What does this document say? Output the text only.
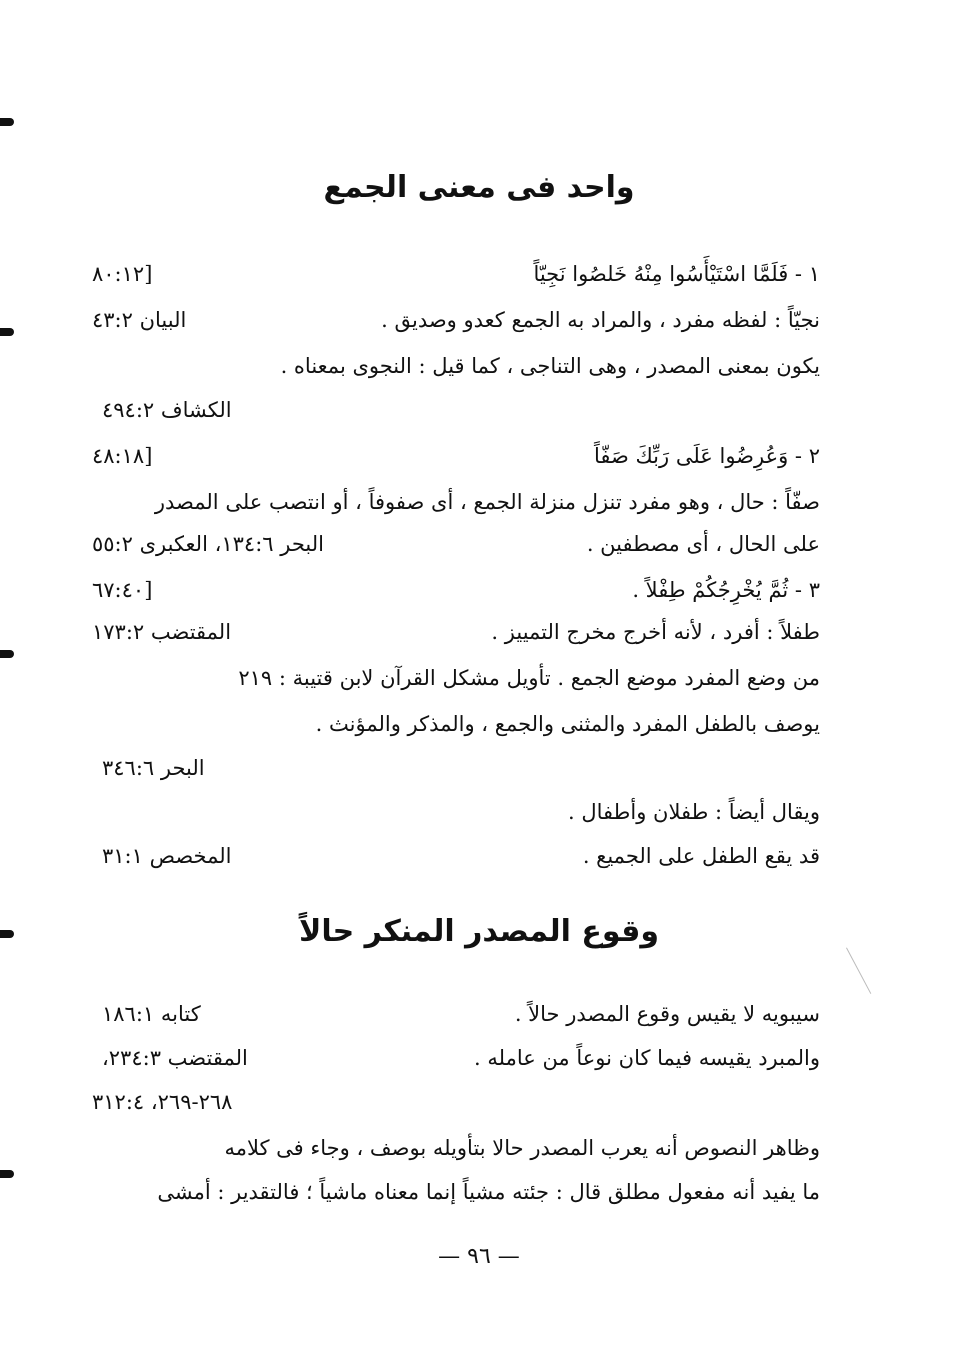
واحد فى معنى الجمع
١ - فَلَمَّا اسْتَيْأَسُوا مِنْهُ خَلصُوا نَجِيّاً
[٨٠:١٢
نجيّاً : لفظه مفرد ، والمراد به الجمع كعدو وصديق .
البيان ٤٣:٢
يكون بمعنى المصدر ، وهى التناجى ، كما قيل : النجوى بمعناه .
الكشاف ٤٩٤:٢
٢ - وَعُرِضُوا عَلَى رَبِّكَ صَفّاً
[٤٨:١٨
صفّاً : حال ، وهو مفرد تنزل منزلة الجمع ، أى صفوفاً ، أو انتصب على المصدر
على الحال ، أى مصطفين .
البحر ١٣٤:٦، العكبرى ٥٥:٢
٣ - ثُمَّ يُخْرِجُكُمْ طِفْلاً .
[٦٧:٤٠
طفلاً : أفرد ، لأنه أخرج مخرج التمييز .
المقتضب ١٧٣:٢
من وضع المفرد موضع الجمع . تأويل مشكل القرآن لابن قتيبة : ٢١٩
يوصف بالطفل المفرد والمثنى والجمع ، والمذكر والمؤنث .
البحر ٣٤٦:٦
ويقال أيضاً : طفلان وأطفال .
قد يقع الطفل على الجميع .
المخصص ٣١:١
وقوع المصدر المنكر حالاً
سيبويه لا يقيس وقوع المصدر حالاً .
كتابه ١٨٦:١
والمبرد يقيسه فيما كان نوعاً من عامله .
المقتضب ٢٣٤:٣،
٢٦٨-٢٦٩، ٣١٢:٤
وظاهر النصوص أنه يعرب المصدر حالا بتأويله بوصف ، وجاء فى كلامه
ما يفيد أنه مفعول مطلق قال : جئته مشياً إنما معناه ماشياً ؛ فالتقدير : أمشى
— ٩٦ —
